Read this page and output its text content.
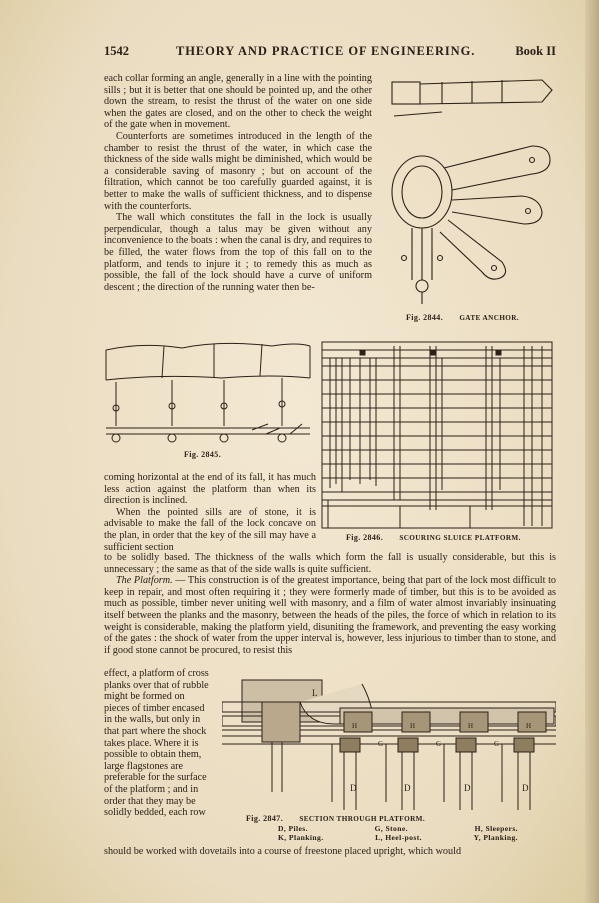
1542	THEORY AND PRACTICE OF ENGINEERING.	Book II

each collar forming an angle, generally in a line with the pointing sills ; but it is better that one should be pointed up, and the other down the stream, to resist the thrust of the water on one side when the gates are closed, and on the other to check the weight of the gate when in movement.

Counterforts are sometimes introduced in the length of the chamber to resist the thrust of the water, in which case the thickness of the side walls might be diminished, which would be a considerable saving of masonry ; but on account of the filtration, which cannot be too carefully guarded against, it is better to make the walls of sufficient thickness, and to dispense with the counterforts.

The wall which constitutes the fall in the lock is usually perpendicular, though a talus may be given without any inconvenience to the boats : when the canal is dry, and requires to be filled, the water flows from the top of this fall on to the platform, and tends to injure it ; to remedy this as much as possible, the fall of the lock should have a curve of uniform descent ; the direction of the running water then be-

Fig. 2844. GATE ANCHOR.
Fig. 2845.
Fig. 2846. SCOURING SLUICE PLATFORM.

coming horizontal at the end of its fall, it has much less action against the platform than when its direction is inclined.

When the pointed sills are of stone, it is advisable to make the fall of the lock concave on the plan, in order that the key of the sill may have a sufficient section

to be solidly based. The thickness of the walls which form the fall is usually considerable, but this is unnecessary ; the same as that of the side walls is quite sufficient.

The Platform. — This construction is of the greatest importance, being that part of the lock most difficult to keep in repair, and most often requiring it ; they were formerly made of timber, but this is to be avoided as much as possible, timber never uniting well with masonry, and a film of water almost invariably insinuating itself between the planks and the masonry, between the heads of the piles, the force of which in relation to its weight is considerable, making the platform yield, disuniting the framework, and preventing the easy working of the gates : the shock of water from the upper interval is, however, less injurious to timber than to stone, and if good stone cannot be procured, to resist this

effect, a platform of cross planks over that of rubble might be formed on pieces of timber encased in the walls, but only in that part where the shock takes place. Where it is possible to obtain them, large flagstones are preferable for the surface of the platform ; and in order that they may be solidly bedded, each row

L
H	H	H	H
G	G	G
D	D	D	D
Fig. 2847. SECTION THROUGH PLATFORM.
D, Piles.	G, Stone.	H, Sleepers.
K, Planking.	L, Heel-post.	Y, Planking.

should be worked with dovetails into a course of freestone placed upright, which would
